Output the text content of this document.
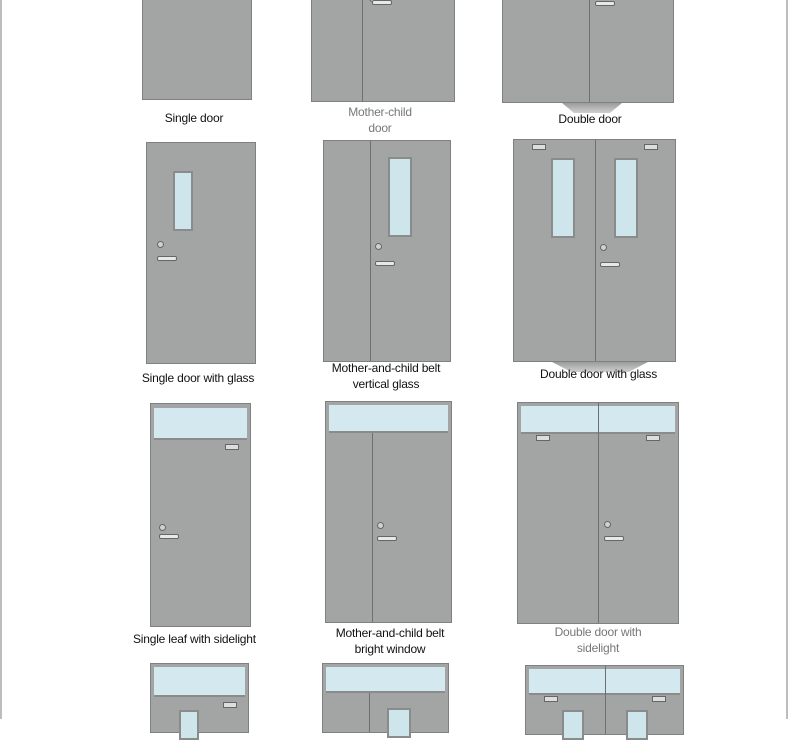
Single door	Mother-child
door
Double door
Single door with glass
Mother-and-child belt
vertical glass
Double door with glass
Single leaf with sidelight	Mother-and-child belt
bright window
Double door with
sidelight
